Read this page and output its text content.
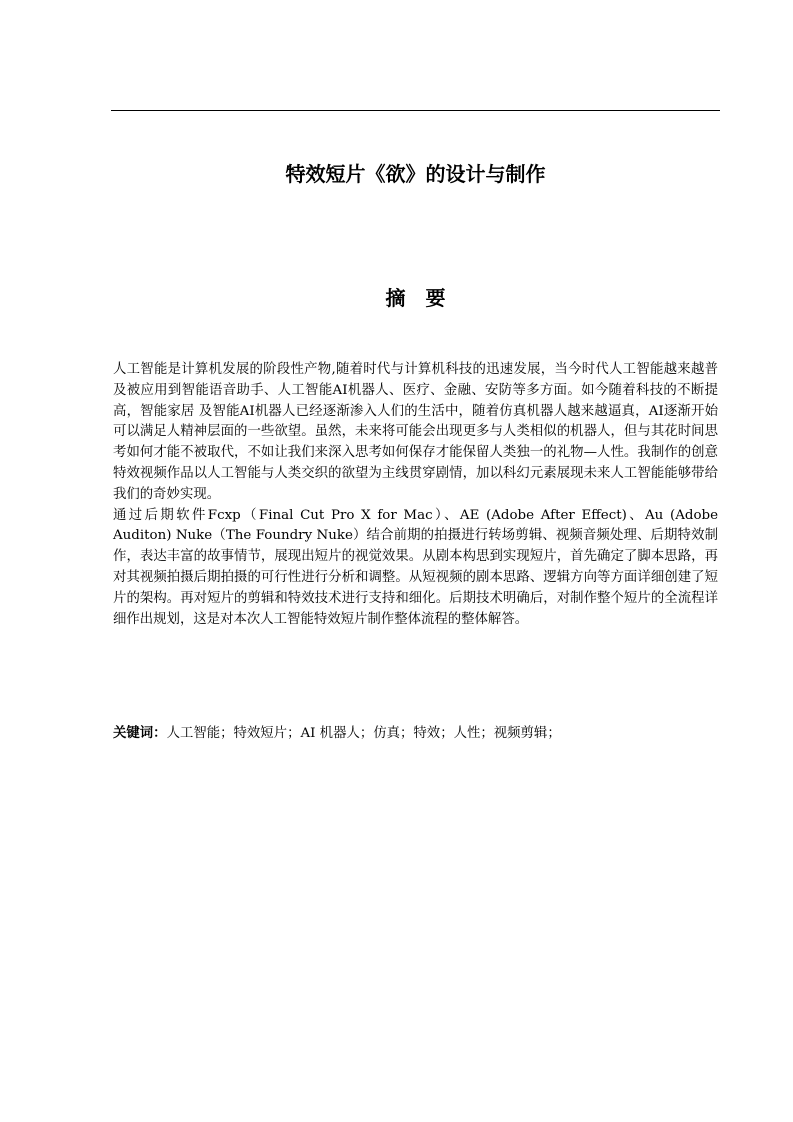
特效短片《欲》的设计与制作
摘　要

人工智能是计算机发展的阶段性产物,随着时代与计算机科技的迅速发展，当今时代人工智能越来越普及被应用到智能语音助手、人工智能AI机器人、医疗、金融、安防等多方面。如今随着科技的不断提高，智能家居 及智能AI机器人已经逐渐渗入人们的生活中，随着仿真机器人越来越逼真，AI逐渐开始可以满足人精神层面的一些欲望。虽然，未来将可能会出现更多与人类相似的机器人，但与其花时间思考如何才能不被取代，不如让我们来深入思考如何保存才能保留人类独一的礼物—人性。我制作的创意特效视频作品以人工智能与人类交织的欲望为主线贯穿剧情，加以科幻元素展现未来人工智能能够带给我们的奇妙实现。

通过后期软件Fcxp（Final Cut Pro X for Mac）、AE (Adobe After Effect)、Au (Adobe Auditon) Nuke（The Foundry Nuke）结合前期的拍摄进行转场剪辑、视频音频处理、后期特效制作，表达丰富的故事情节，展现出短片的视觉效果。从剧本构思到实现短片，首先确定了脚本思路，再对其视频拍摄后期拍摄的可行性进行分析和调整。从短视频的剧本思路、逻辑方向等方面详细创建了短片的架构。再对短片的剪辑和特效技术进行支持和细化。后期技术明确后，对制作整个短片的全流程详细作出规划，这是对本次人工智能特效短片制作整体流程的整体解答。

关键词：人工智能；特效短片；AI 机器人；仿真；特效；人性；视频剪辑；
